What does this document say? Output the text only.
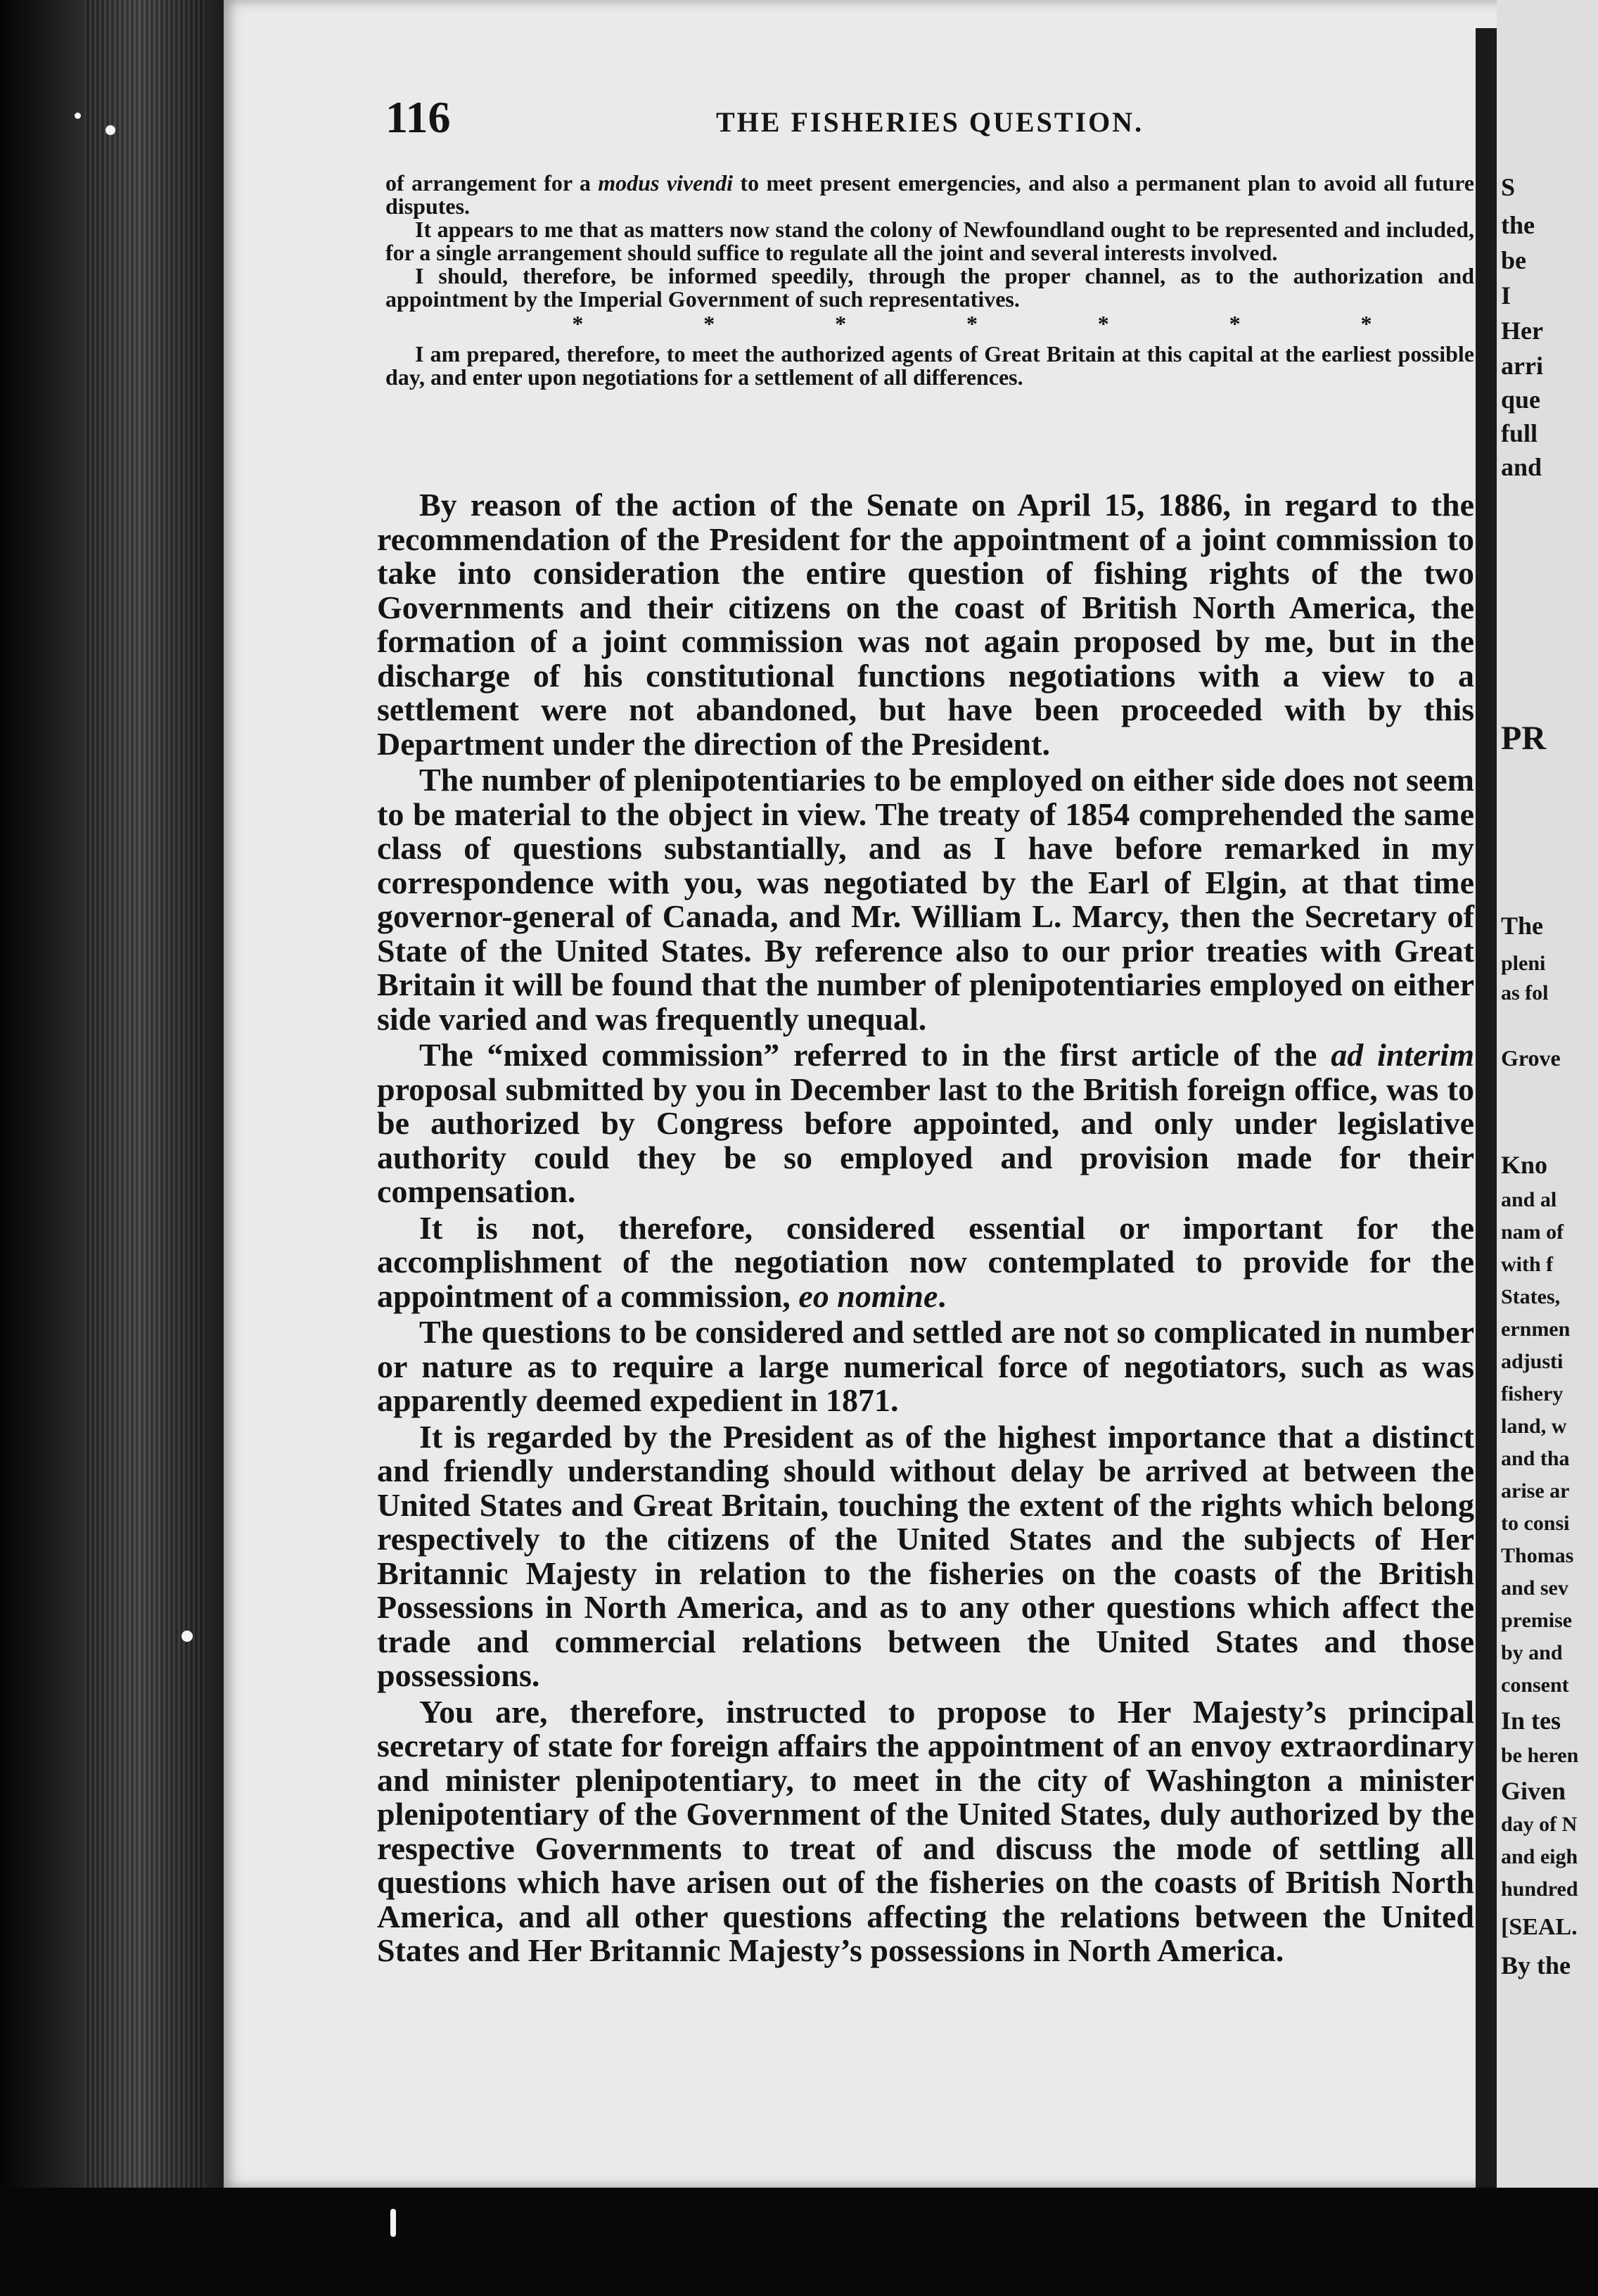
S
the
be
I
Her
arri
que
full
and
PR
The
pleni
as fol
Grove
Kno
and al
nam of
with f
States,
ernmen
adjusti
fishery
land, w
and tha
arise ar
to consi
Thomas
and sev
premise
by and
consent
In tes
be heren
Given
day of N
and eigh
hundred
[SEAL.
By the
116	THE FISHERIES QUESTION.

of arrangement for a modus vivendi to meet present emergencies, and also a permanent plan to avoid all future disputes.

It appears to me that as matters now stand the colony of Newfoundland ought to be represented and included, for a single arrangement should suffice to regulate all the joint and several interests involved.

I should, therefore, be informed speedily, through the proper channel, as to the authorization and appointment by the Imperial Government of such representatives.

*	*	*	*	*	*	*

I am prepared, therefore, to meet the authorized agents of Great Britain at this capital at the earliest possible day, and enter upon negotiations for a settlement of all differences.

By reason of the action of the Senate on April 15, 1886, in regard to the recommendation of the President for the appointment of a joint commission to take into consideration the entire question of fishing rights of the two Governments and their citizens on the coast of British North America, the formation of a joint commission was not again proposed by me, but in the discharge of his constitutional functions negotiations with a view to a settlement were not abandoned, but have been proceeded with by this Department under the direction of the President.

The number of plenipotentiaries to be employed on either side does not seem to be material to the object in view. The treaty of 1854 comprehended the same class of questions substantially, and as I have before remarked in my correspondence with you, was negotiated by the Earl of Elgin, at that time governor-general of Canada, and Mr. William L. Marcy, then the Secretary of State of the United States. By reference also to our prior treaties with Great Britain it will be found that the number of plenipotentiaries employed on either side varied and was frequently unequal.

The “mixed commission” referred to in the first article of the ad interim proposal submitted by you in December last to the British foreign office, was to be authorized by Congress before appointed, and only under legislative authority could they be so employed and provision made for their compensation.

It is not, therefore, considered essential or important for the accomplishment of the negotiation now contemplated to provide for the appointment of a commission, eo nomine.

The questions to be considered and settled are not so complicated in number or nature as to require a large numerical force of negotiators, such as was apparently deemed expedient in 1871.

It is regarded by the President as of the highest importance that a distinct and friendly understanding should without delay be arrived at between the United States and Great Britain, touching the extent of the rights which belong respectively to the citizens of the United States and the subjects of Her Britannic Majesty in relation to the fisheries on the coasts of the British Possessions in North America, and as to any other questions which affect the trade and commercial relations between the United States and those possessions.

You are, therefore, instructed to propose to Her Majesty’s principal secretary of state for foreign affairs the appointment of an envoy extraordinary and minister plenipotentiary, to meet in the city of Washington a minister plenipotentiary of the Government of the United States, duly authorized by the respective Governments to treat of and discuss the mode of settling all questions which have arisen out of the fisheries on the coasts of British North America, and all other questions affecting the relations between the United States and Her Britannic Majesty’s possessions in North America.
